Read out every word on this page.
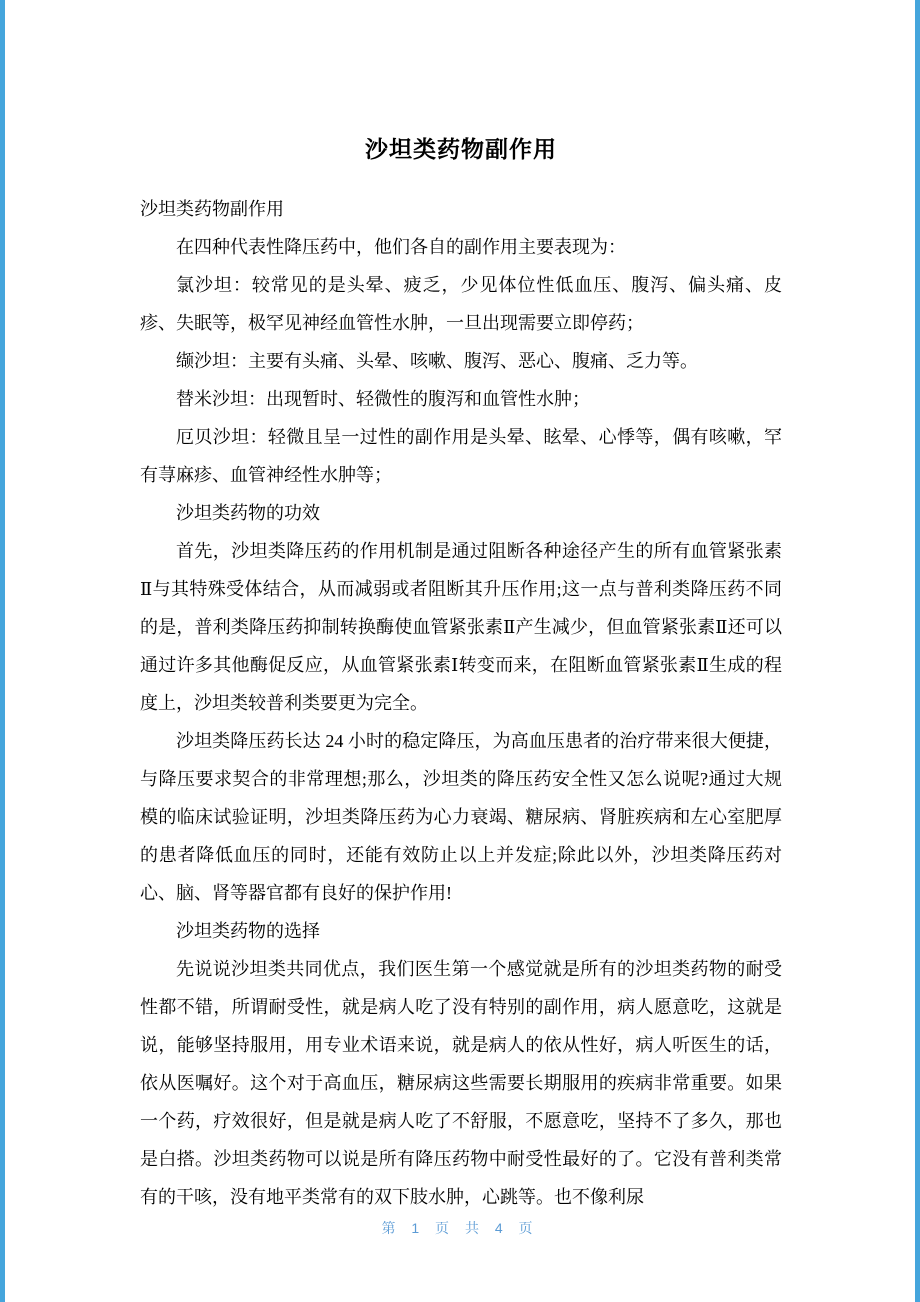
沙坦类药物副作用

沙坦类药物副作用

在四种代表性降压药中，他们各自的副作用主要表现为：

氯沙坦：较常见的是头晕、疲乏，少见体位性低血压、腹泻、偏头痛、皮疹、失眠等，极罕见神经血管性水肿，一旦出现需要立即停药；

缬沙坦：主要有头痛、头晕、咳嗽、腹泻、恶心、腹痛、乏力等。

替米沙坦：出现暂时、轻微性的腹泻和血管性水肿；

厄贝沙坦：轻微且呈一过性的副作用是头晕、眩晕、心悸等，偶有咳嗽，罕有荨麻疹、血管神经性水肿等；

沙坦类药物的功效

首先，沙坦类降压药的作用机制是通过阻断各种途径产生的所有血管紧张素Ⅱ与其特殊受体结合，从而减弱或者阻断其升压作用;这一点与普利类降压药不同的是，普利类降压药抑制转换酶使血管紧张素Ⅱ产生减少，但血管紧张素Ⅱ还可以通过许多其他酶促反应，从血管紧张素Ⅰ转变而来，在阻断血管紧张素Ⅱ生成的程度上，沙坦类较普利类要更为完全。

沙坦类降压药长达 24 小时的稳定降压，为高血压患者的治疗带来很大便捷，与降压要求契合的非常理想;那么，沙坦类的降压药安全性又怎么说呢?通过大规模的临床试验证明，沙坦类降压药为心力衰竭、糖尿病、肾脏疾病和左心室肥厚的患者降低血压的同时，还能有效防止以上并发症;除此以外，沙坦类降压药对心、脑、肾等器官都有良好的保护作用!

沙坦类药物的选择

先说说沙坦类共同优点，我们医生第一个感觉就是所有的沙坦类药物的耐受性都不错，所谓耐受性，就是病人吃了没有特别的副作用，病人愿意吃，这就是说，能够坚持服用，用专业术语来说，就是病人的依从性好，病人听医生的话，依从医嘱好。这个对于高血压，糖尿病这些需要长期服用的疾病非常重要。如果一个药，疗效很好，但是就是病人吃了不舒服，不愿意吃，坚持不了多久，那也是白搭。沙坦类药物可以说是所有降压药物中耐受性最好的了。它没有普利类常有的干咳，没有地平类常有的双下肢水肿，心跳等。也不像利尿

第 1 页 共 4 页
